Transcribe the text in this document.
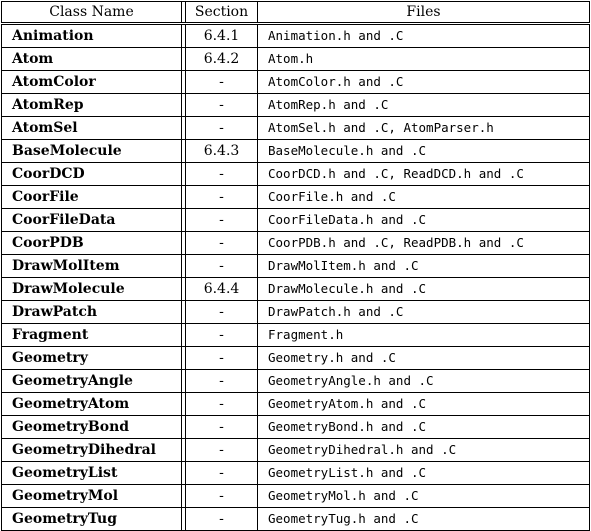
Class Name		Section	Files
Animation		6.4.1	Animation.h and .C
Atom		6.4.2	Atom.h
AtomColor		-	AtomColor.h and .C
AtomRep		-	AtomRep.h and .C
AtomSel		-	AtomSel.h and .C, AtomParser.h
BaseMolecule		6.4.3	BaseMolecule.h and .C
CoorDCD		-	CoorDCD.h and .C, ReadDCD.h and .C
CoorFile		-	CoorFile.h and .C
CoorFileData		-	CoorFileData.h and .C
CoorPDB		-	CoorPDB.h and .C, ReadPDB.h and .C
DrawMolItem		-	DrawMolItem.h and .C
DrawMolecule		6.4.4	DrawMolecule.h and .C
DrawPatch		-	DrawPatch.h and .C
Fragment		-	Fragment.h
Geometry		-	Geometry.h and .C
GeometryAngle		-	GeometryAngle.h and .C
GeometryAtom		-	GeometryAtom.h and .C
GeometryBond		-	GeometryBond.h and .C
GeometryDihedral		-	GeometryDihedral.h and .C
GeometryList		-	GeometryList.h and .C
GeometryMol		-	GeometryMol.h and .C
GeometryTug		-	GeometryTug.h and .C
